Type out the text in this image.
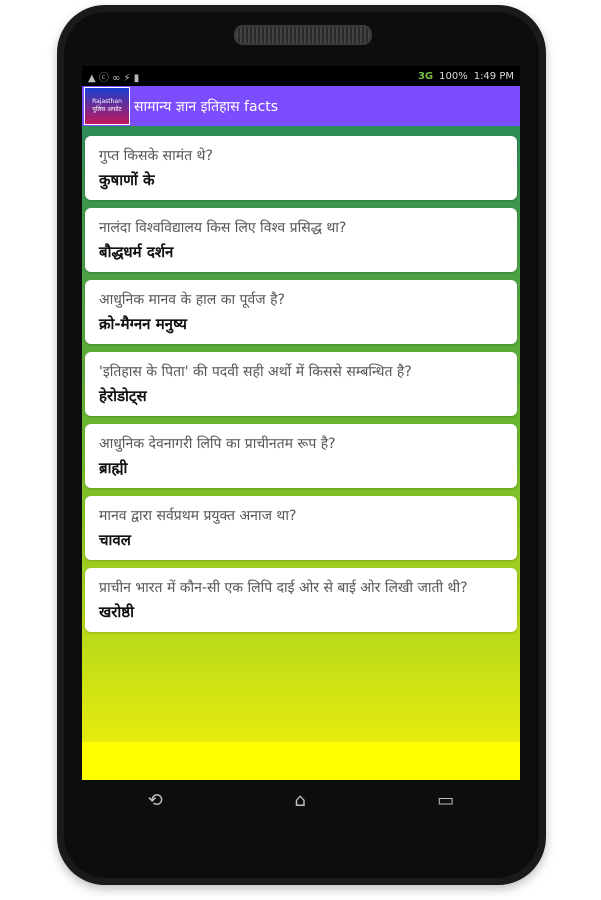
▲ ⓒ ∞ ⚡ ▮	3G 100% 1:49 PM
Rajasthan
पुलिस अपडेट सामान्य ज्ञान इतिहास facts
गुप्त किसके सामंत थे?
कुषाणों के
नालंदा विश्वविद्यालय किस लिए विश्व प्रसिद्ध था?
बौद्धधर्म दर्शन
आधुनिक मानव के हाल का पूर्वज है?
क्रो-मैग्नन मनुष्य
'इतिहास के पिता' की पदवी सही अर्थो में किससे सम्बन्धित है?
हेरोडोट्स
आधुनिक देवनागरी लिपि का प्राचीनतम रूप है?
ब्राह्मी
मानव द्वारा सर्वप्रथम प्रयुक्त अनाज था?
चावल
प्राचीन भारत में कौन-सी एक लिपि दाई ओर से बाई ओर लिखी जाती थी?
खरोष्ठी
⟲	⌂	▭
